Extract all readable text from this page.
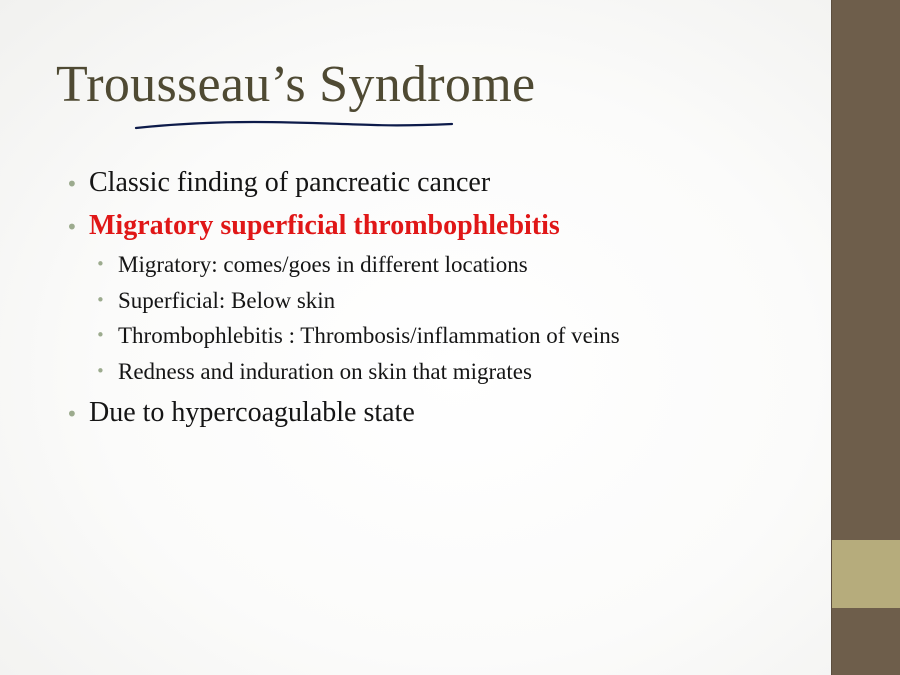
Trousseau’s Syndrome
• Classic finding of pancreatic cancer
• Migratory superficial thrombophlebitis
• Migratory: comes/goes in different locations
• Superficial: Below skin
• Thrombophlebitis : Thrombosis/inflammation of veins
• Redness and induration on skin that migrates
• Due to hypercoagulable state
